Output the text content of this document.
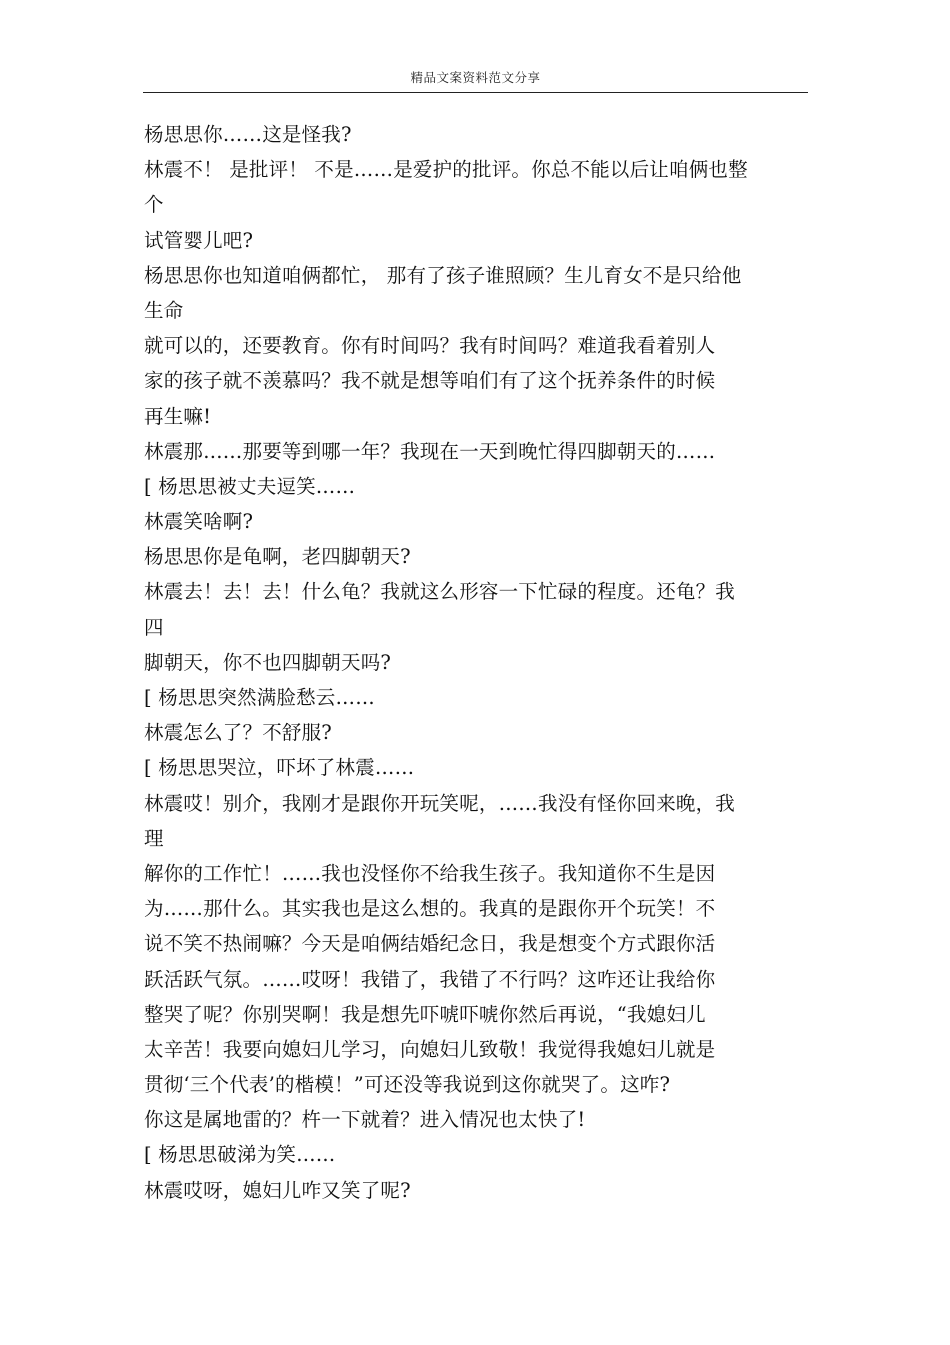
精品文案资料范文分享
杨思思你……这是怪我?
林震不！ 是批评！ 不是……是爱护的批评。你总不能以后让咱俩也整
个
试管婴儿吧?
杨思思你也知道咱俩都忙， 那有了孩子谁照顾？生儿育女不是只给他
生命
就可以的，还要教育。你有时间吗？我有时间吗？难道我看着别人
家的孩子就不羡慕吗？我不就是想等咱们有了这个抚养条件的时候
再生嘛!
林震那……那要等到哪一年？我现在一天到晚忙得四脚朝天的……
[ 杨思思被丈夫逗笑……
林震笑啥啊?
杨思思你是龟啊，老四脚朝天?
林震去！去！去！什么龟？我就这么形容一下忙碌的程度。还龟？我
四
脚朝天，你不也四脚朝天吗?
[ 杨思思突然满脸愁云……
林震怎么了？不舒服?
[ 杨思思哭泣，吓坏了林震……
林震哎！别介，我刚才是跟你开玩笑呢，……我没有怪你回来晚，我
理
解你的工作忙！……我也没怪你不给我生孩子。我知道你不生是因
为……那什么。其实我也是这么想的。我真的是跟你开个玩笑！不
说不笑不热闹嘛？今天是咱俩结婚纪念日，我是想变个方式跟你活
跃活跃气氛。……哎呀！我错了，我错了不行吗？这咋还让我给你
整哭了呢？你别哭啊！我是想先吓唬吓唬你然后再说，“我媳妇儿
太辛苦！我要向媳妇儿学习，向媳妇儿致敬！我觉得我媳妇儿就是
贯彻‘三个代表’的楷模！”可还没等我说到这你就哭了。这咋?
你这是属地雷的？杵一下就着？进入情况也太快了!
[ 杨思思破涕为笑……
林震哎呀，媳妇儿咋又笑了呢?
